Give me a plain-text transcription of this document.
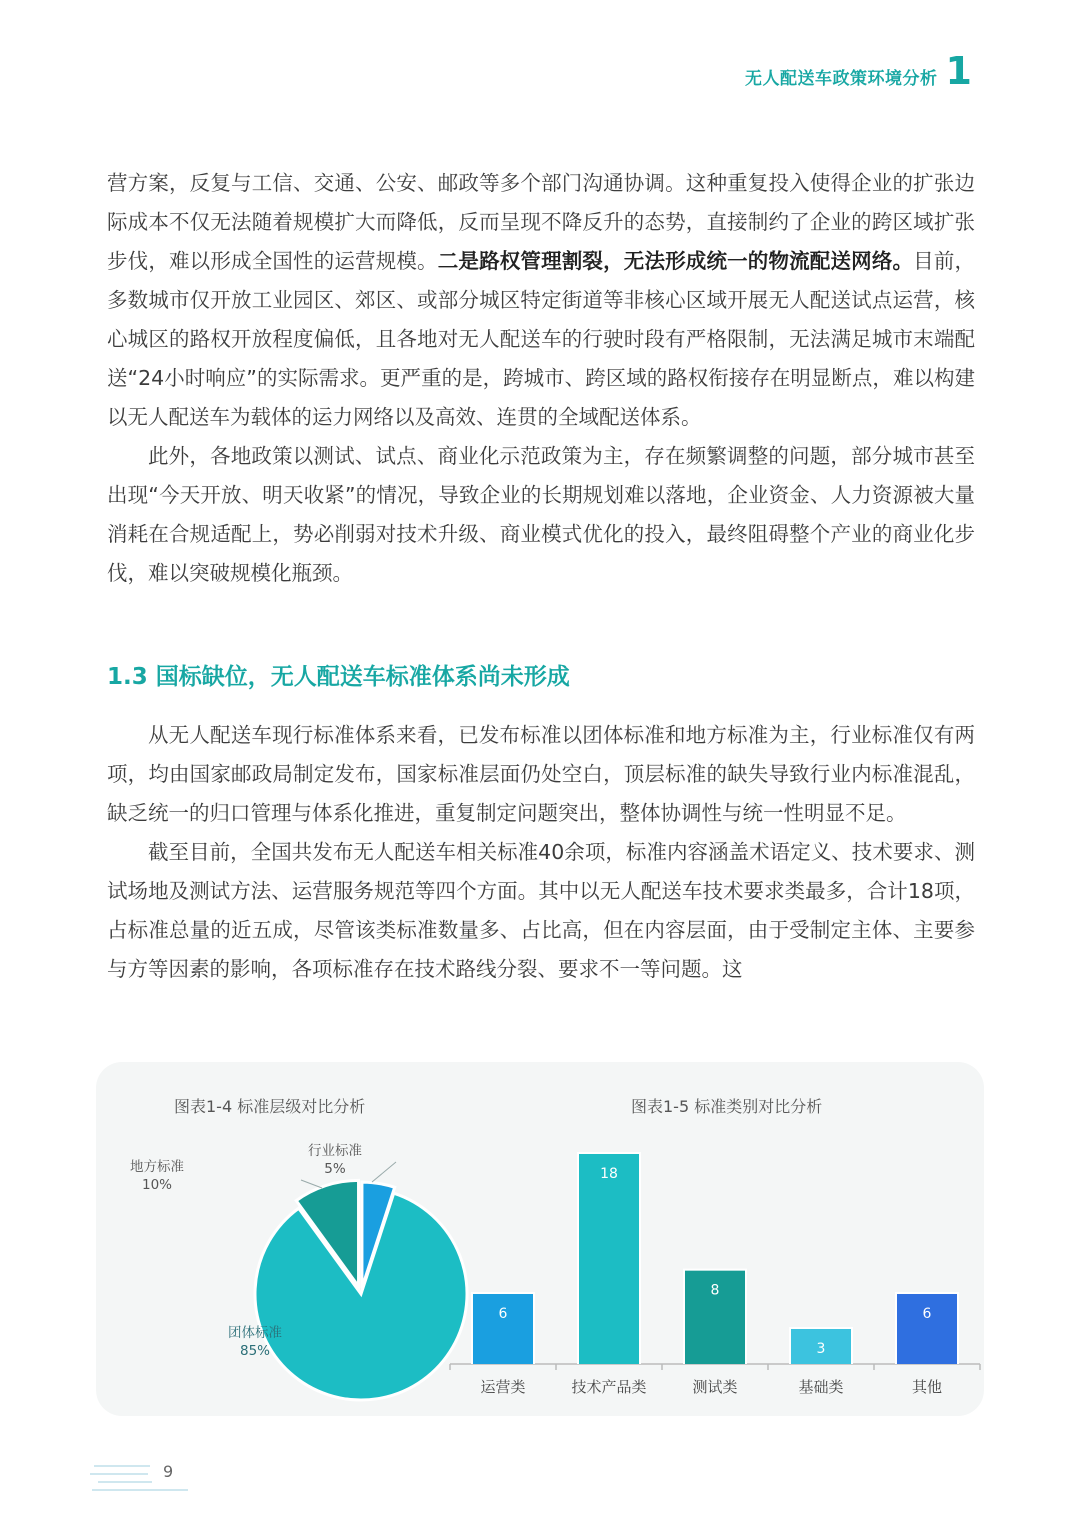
无人配送车政策环境分析 1

营方案，反复与工信、交通、公安、邮政等多个部门沟通协调。这种重复投入使得企业的扩张边际成本不仅无法随着规模扩大而降低，反而呈现不降反升的态势，直接制约了企业的跨区域扩张步伐，难以形成全国性的运营规模。二是路权管理割裂，无法形成统一的物流配送网络。目前，多数城市仅开放工业园区、郊区、或部分城区特定街道等非核心区域开展无人配送试点运营，核心城区的路权开放程度偏低，且各地对无人配送车的行驶时段有严格限制，无法满足城市末端配送“24小时响应”的实际需求。更严重的是，跨城市、跨区域的路权衔接存在明显断点，难以构建以无人配送车为载体的运力网络以及高效、连贯的全域配送体系。

此外，各地政策以测试、试点、商业化示范政策为主，存在频繁调整的问题，部分城市甚至出现“今天开放、明天收紧”的情况，导致企业的长期规划难以落地，企业资金、人力资源被大量消耗在合规适配上，势必削弱对技术升级、商业模式优化的投入，最终阻碍整个产业的商业化步伐，难以突破规模化瓶颈。

1.3 国标缺位，无人配送车标准体系尚未形成

从无人配送车现行标准体系来看，已发布标准以团体标准和地方标准为主，行业标准仅有两项，均由国家邮政局制定发布，国家标准层面仍处空白，顶层标准的缺失导致行业内标准混乱，缺乏统一的归口管理与体系化推进，重复制定问题突出，整体协调性与统一性明显不足。

截至目前，全国共发布无人配送车相关标准40余项，标准内容涵盖术语定义、技术要求、测试场地及测试方法、运营服务规范等四个方面。其中以无人配送车技术要求类最多，合计18项，占标准总量的近五成，尽管该类标准数量多、占比高，但在内容层面，由于受制定主体、主要参与方等因素的影响，各项标准存在技术路线分裂、要求不一等问题。这

图表1-4 标准层级对比分析	图表1-5 标准类别对比分析
行业标准
5%
地方标准
10%
团体标准
85%
6
运营类
18
技术产品类
8
测试类
3
基础类
6
其他
9
